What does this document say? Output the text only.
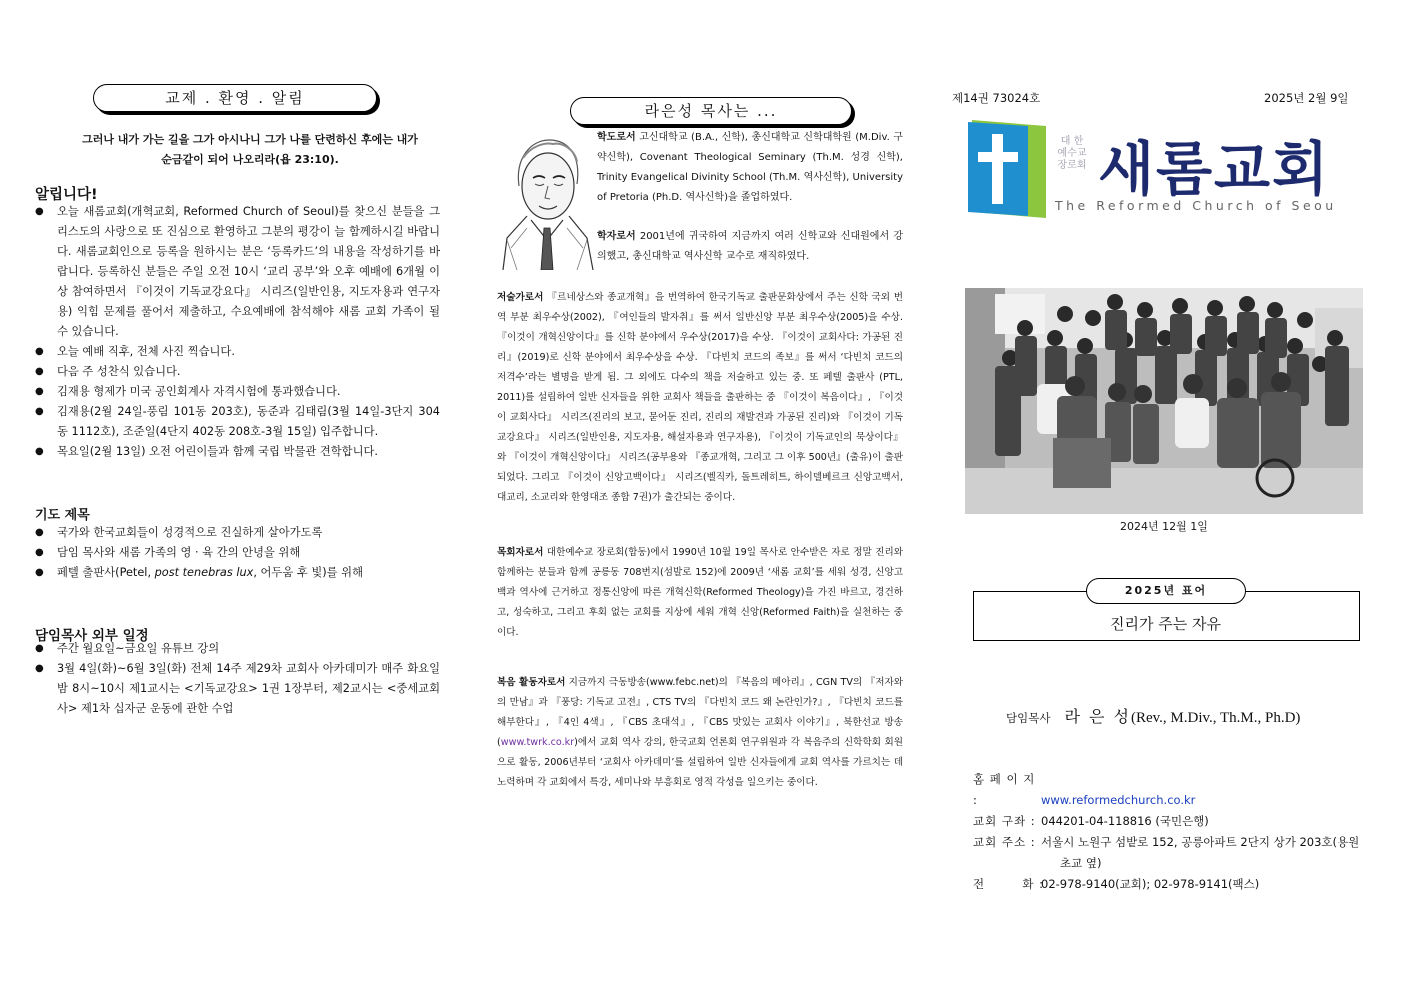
교제 . 환영 . 알림
그러나 내가 가는 길을 그가 아시나니 그가 나를 단련하신 후에는 내가
순금같이 되어 나오리라(욥 23:10).
알립니다!
● 오늘 새롬교회(개혁교회, Reformed Church of Seoul)를 찾으신 분들을 그리스도의 사랑으로 또 진심으로 환영하고 그분의 평강이 늘 함께하시길 바랍니다. 새롬교회인으로 등록을 원하시는 분은 ‘등록카드’의 내용을 작성하기를 바랍니다. 등록하신 분들은 주일 오전 10시 ‘교리 공부’와 오후 예배에 6개월 이상 참여하면서 『이것이 기독교강요다』 시리즈(일반인용, 지도자용과 연구자용) 익힘 문제를 풀어서 제출하고, 수요예배에 참석해야 새롬 교회 가족이 될 수 있습니다.
● 오늘 예배 직후, 전체 사진 찍습니다.
● 다음 주 성찬식 있습니다.
● 김재용 형제가 미국 공인회계사 자격시험에 통과했습니다.
● 김재용(2월 24일-풍림 101동 203호), 동준과 김태림(3월 14일-3단지 304동 1112호), 조준일(4단지 402동 208호-3월 15일) 입주합니다.
● 목요일(2월 13일) 오전 어린이들과 함께 국립 박물관 견학합니다.
기도 제목
● 국가와 한국교회들이 성경적으로 진실하게 살아가도록
● 담임 목사와 새롬 가족의 영 · 육 간의 안녕을 위해
● 페텔 출판사(Petel, post tenebras lux, 어두움 후 빛)를 위해
담임목사 외부 일정
● 주간 월요일~금요일 유튜브 강의
● 3월 4일(화)~6월 3일(화) 전체 14주 제29차 교회사 아카데미가 매주 화요일 밤 8시~10시 제1교시는 <기독교강요> 1권 1장부터, 제2교시는 <중세교회사> 제1차 십자군 운동에 관한 수업
라은성 목사는 ...
학도로서 고신대학교 (B.A., 신학), 총신대학교 신학대학원 (M.Div. 구약신학), Covenant Theological Seminary (Th.M. 성경 신학), Trinity Evangelical Divinity School (Th.M. 역사신학), University of Pretoria (Ph.D. 역사신학)을 졸업하였다.
학자로서 2001년에 귀국하여 지금까지 여러 신학교와 신대원에서 강의했고, 총신대학교 역사신학 교수로 재직하였다.
저술가로서 『르네상스와 종교개혁』을 번역하여 한국기독교 출판문화상에서 주는 신학 국외 번역 부분 최우수상(2002), 『여인들의 발자취』를 써서 일반신앙 부분 최우수상(2005)을 수상. 『이것이 개혁신앙이다』를 신학 분야에서 우수상(2017)을 수상. 『이것이 교회사다: 가공된 진리』(2019)로 신학 분야에서 최우수상을 수상. 『다빈치 코드의 족보』를 써서 ‘다빈치 코드의 저격수’라는 별명을 받게 됨. 그 외에도 다수의 책을 저술하고 있는 중. 또 페텔 출판사 (PTL, 2011)를 설립하여 일반 신자들을 위한 교회사 책들을 출판하는 중 『이것이 복음이다』, 『이것이 교회사다』 시리즈(진리의 보고, 묻어둔 진리, 진리의 재발견과 가공된 진리)와 『이것이 기독교강요다』 시리즈(일반인용, 지도자용, 해설자용과 연구자용), 『이것이 기독교인의 묵상이다』와 『이것이 개혁신앙이다』 시리즈(공부용와 『종교개혁, 그리고 그 이후 500년』(출유)이 출판되었다. 그리고 『이것이 신앙고백이다』 시리즈(벨직카, 돌트레히트, 하이델베르크 신앙고백서, 대교리, 소교리와 한영대조 종합 7권)가 출간되는 중이다.
목회자로서 대한예수교 장로회(합동)에서 1990년 10월 19일 목사로 안수받은 자로 정말 진리와 함께하는 분들과 함께 공릉동 708번지(섬발로 152)에 2009년 ‘새롬 교회’를 세워 성경, 신앙고백과 역사에 근거하고 정통신앙에 따른 개혁신학(Reformed Theology)을 가진 바르고, 경건하고, 성숙하고, 그리고 후회 없는 교회를 지상에 세워 개혁 신앙(Reformed Faith)을 실천하는 중이다.
복음 활동자로서 지금까지 극동방송(www.febc.net)의 『복음의 메아리』, CGN TV의 『저자와의 만남』과 『풍당: 기독교 고전』, CTS TV의 『다빈치 코드 왜 논란인가?』, 『다빈치 코드를 해부한다』, 『4인 4색』, 『CBS 초대석』, 『CBS 맛있는 교회사 이야기』, 북한선교 방송(www.twrk.co.kr)에서 교회 역사 강의, 한국교회 언론회 연구위원과 각 복음주의 신학학회 회원으로 활동, 2006년부터 ‘교회사 아카데미’를 설립하여 일반 신자들에게 교회 역사를 가르치는 데 노력하며 각 교회에서 특강, 세미나와 부흥회로 영적 각성을 일으키는 중이다.
제14권 73024호	2025년 2월 9일
대 한
예수교
장로회 새롬교회
The Reformed Church of Seou
2024년 12월 1일
2025년 표어
진리가 주는 자유
담임목사 라 은 성(Rev., M.Div., Th.M., Ph.D)
홈 페 이 지 :	www.reformedchurch.co.kr
교회 구좌 : 044201-04-118816 (국민은행)
교회 주소 : 서울시 노원구 섬밭로 152, 공릉아파트 2단지 상가 203호(용원
초교 옆)
전        화 :02-978-9140(교회); 02-978-9141(팩스)
